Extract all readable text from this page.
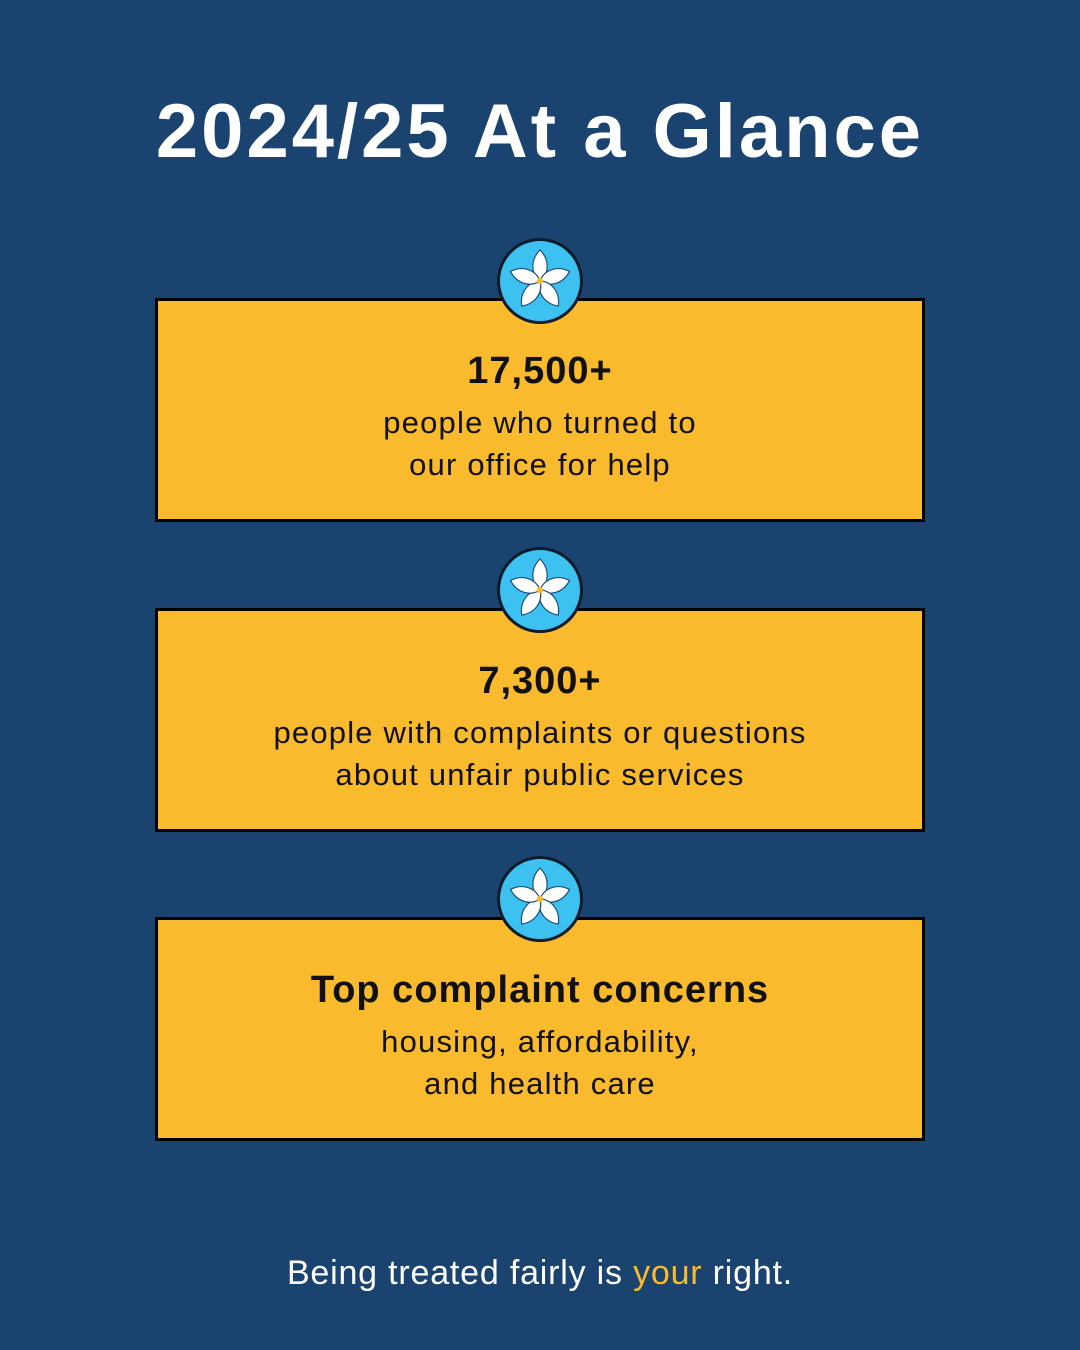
2024/25 At a Glance
17,500+
people who turned to
our office for help
7,300+
people with complaints or questions
about unfair public services
Top complaint concerns
housing, affordability,
and health care
Being treated fairly is your right.
